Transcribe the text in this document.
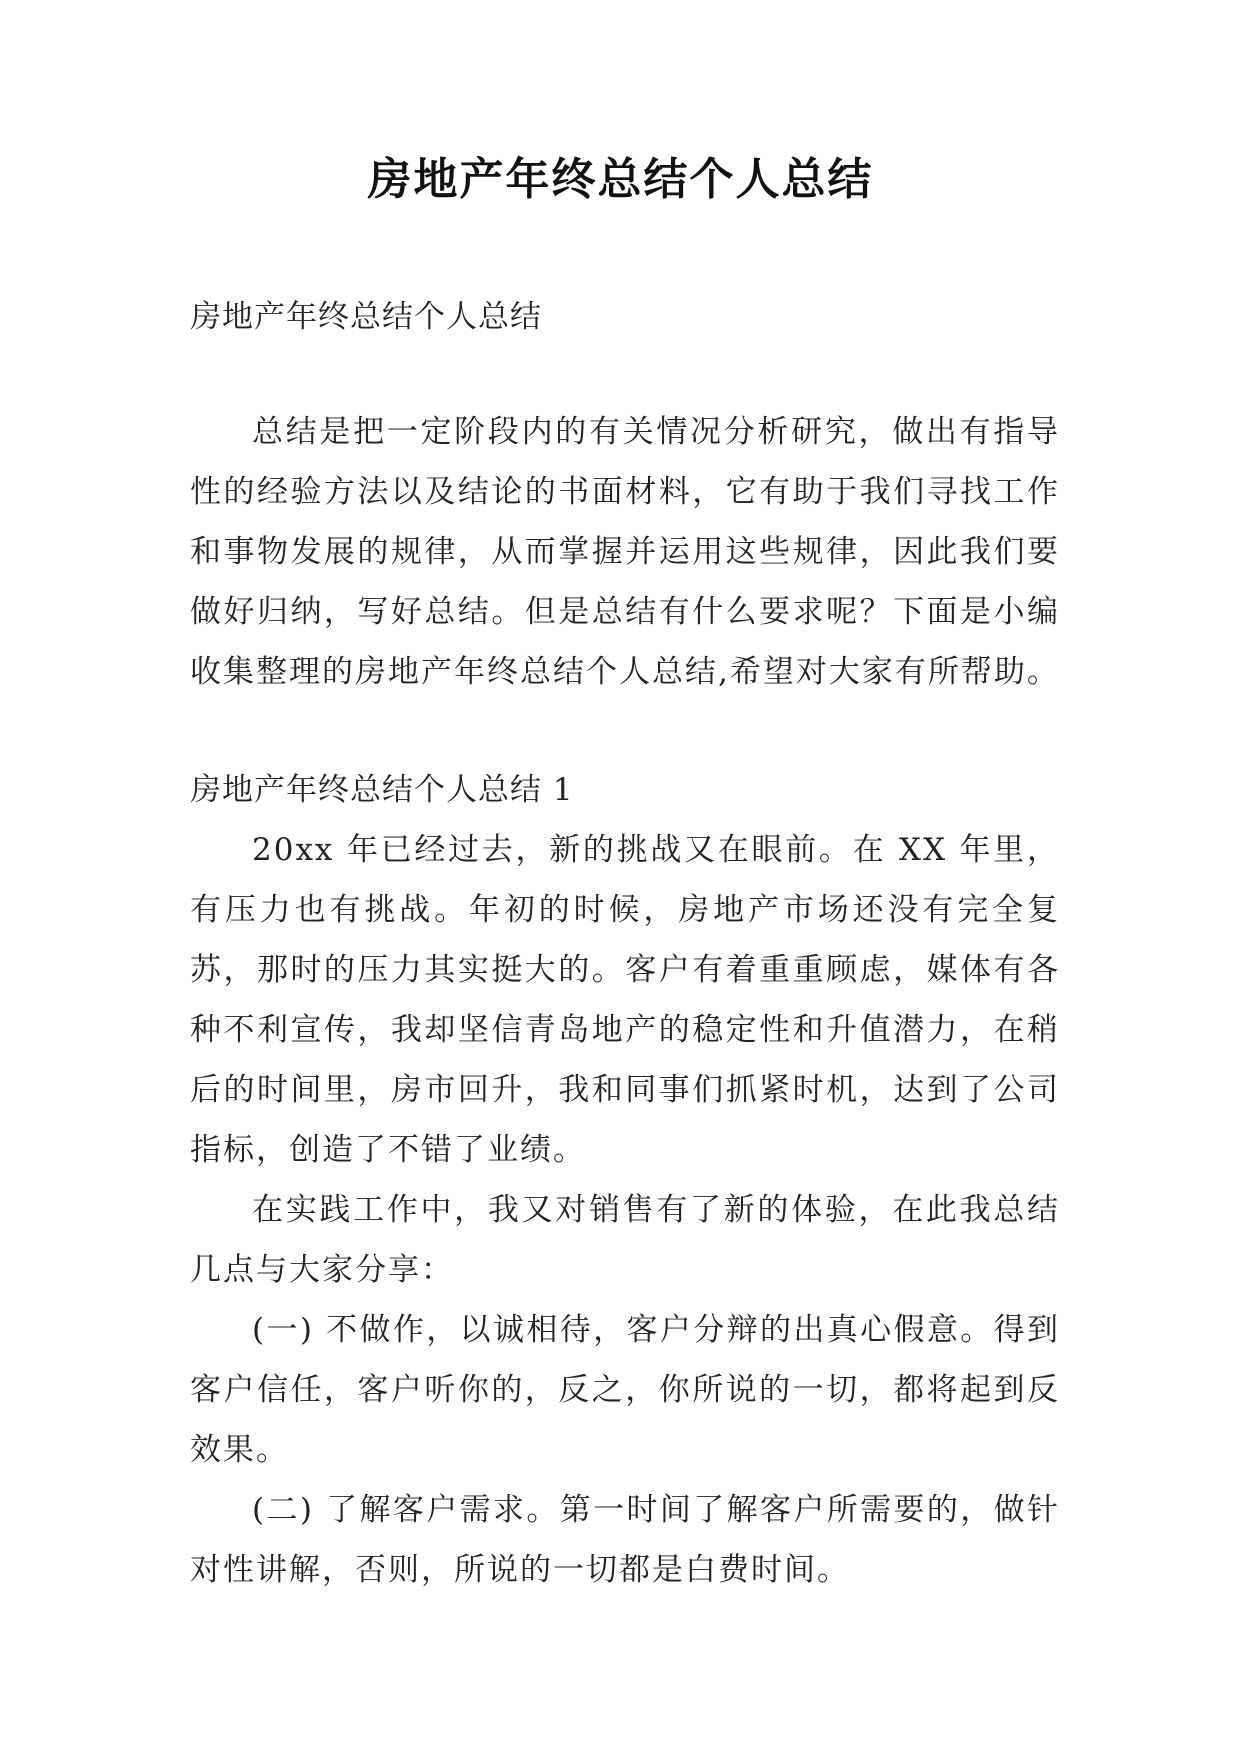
房地产年终总结个人总结
房地产年终总结个人总结
总结是把一定阶段内的有关情况分析研究，做出有指导性的经验方法以及结论的书面材料，它有助于我们寻找工作和事物发展的规律，从而掌握并运用这些规律，因此我们要做好归纳，写好总结。但是总结有什么要求呢？下面是小编收集整理的房地产年终总结个人总结,希望对大家有所帮助。
房地产年终总结个人总结 1

20xx 年已经过去，新的挑战又在眼前。在 XX 年里，有压力也有挑战。年初的时候，房地产市场还没有完全复苏，那时的压力其实挺大的。客户有着重重顾虑，媒体有各种不利宣传，我却坚信青岛地产的稳定性和升值潜力，在稍后的时间里，房市回升，我和同事们抓紧时机，达到了公司指标，创造了不错了业绩。

在实践工作中，我又对销售有了新的体验，在此我总结几点与大家分享：

(一) 不做作，以诚相待，客户分辩的出真心假意。得到客户信任，客户听你的，反之，你所说的一切，都将起到反效果。

(二) 了解客户需求。第一时间了解客户所需要的，做针对性讲解，否则，所说的一切都是白费时间。
